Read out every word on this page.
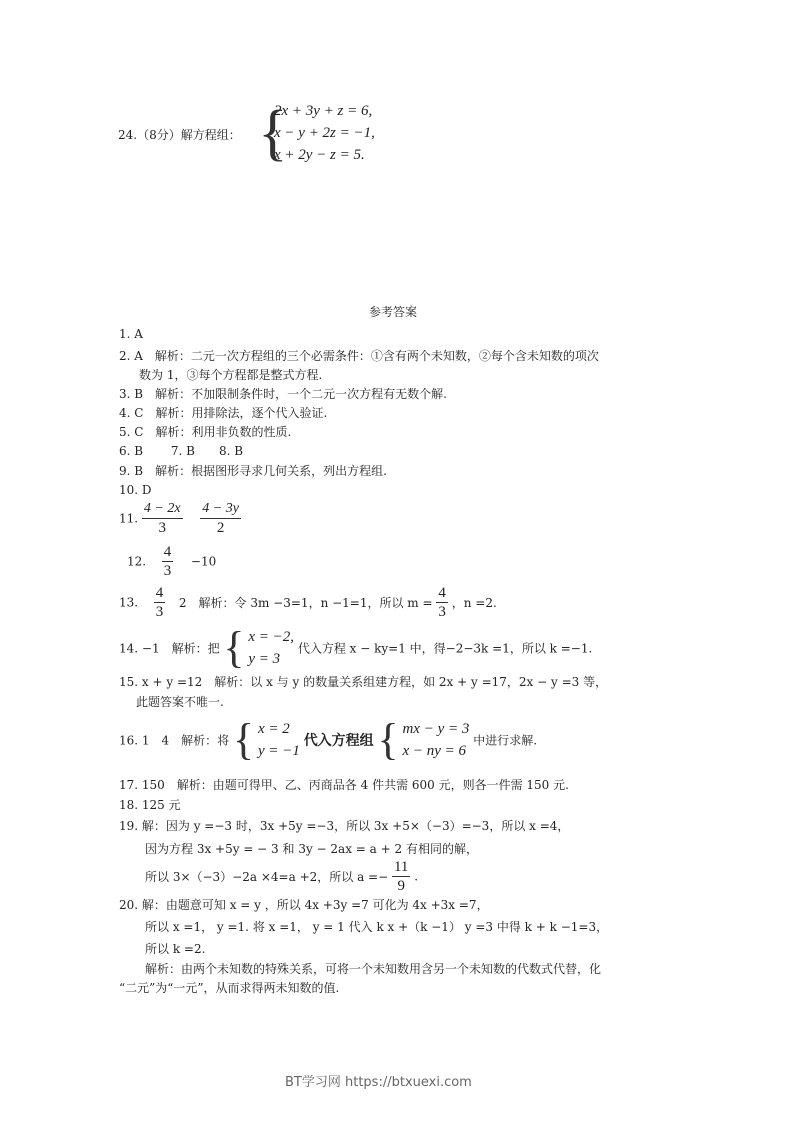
24.（8分）解方程组： {
2x + 3y + z = 6,
x − y + 2z = −1,
x + 2y − z = 5.
参考答案
1. A
2. A　解析：二元一次方程组的三个必需条件：①含有两个未知数，②每个含未知数的项次
数为 1，③每个方程都是整式方程.
3. B　解析：不加限制条件时，一个二元一次方程有无数个解.
4. C　解析：用排除法，逐个代入验证.
5. C　解析：利用非负数的性质.
6. B　　 7. B　　8. B
9. B　解析：根据图形寻求几何关系，列出方程组.
10. D
11. $\frac{4 - 2x}{3}$
$\frac{4 - 3y}{2}$
12. $\frac{4}{3} -10$
13. $\frac{4}{3} 2$　解析：令 3m −3=1，n −1=1，所以 $m = \frac{4}{3}$ ，n =2.
14. −1　解析：把 { x = −2,
y = 3
代入方程 x − ky=1 中，得−2−3k =1，所以 k =−1.
15. x + y =12　解析：以 x 与 y 的数量关系组建方程，如 2x + y =17，2x − y =3 等，
此题答案不唯一.
16. 1　4　解析：将 { x = 2
y = −1
代入方程组 { mx − y = 3
x − ny = 6
中进行求解.
17. 150　解析：由题可得甲、乙、丙商品各 4 件共需 600 元，则各一件需 150 元.
18. 125 元
19. 解：因为 y =−3 时，3x +5y =−3，所以 3x +5×（−3）=−3，所以 x =4，
因为方程 3x +5y = − 3 和 3y − 2ax = a + 2 有相同的解，
所以 3×（−3）−2a ×4=a +2，所以 $a =- \frac{11}{9}$ .
20. 解：由题意可知 x = y ，所以 4x +3y =7 可化为 4x +3x =7，
所以 x =1， y =1. 将 x =1， y = 1 代入 k x +（k −1） y =3 中得 k + k −1=3，
所以 k =2.
解析：由两个未知数的特殊关系，可将一个未知数用含另一个未知数的代数式代替，化
“二元”为“一元”，从而求得两未知数的值.
BT学习网 https://btxuexi.com
